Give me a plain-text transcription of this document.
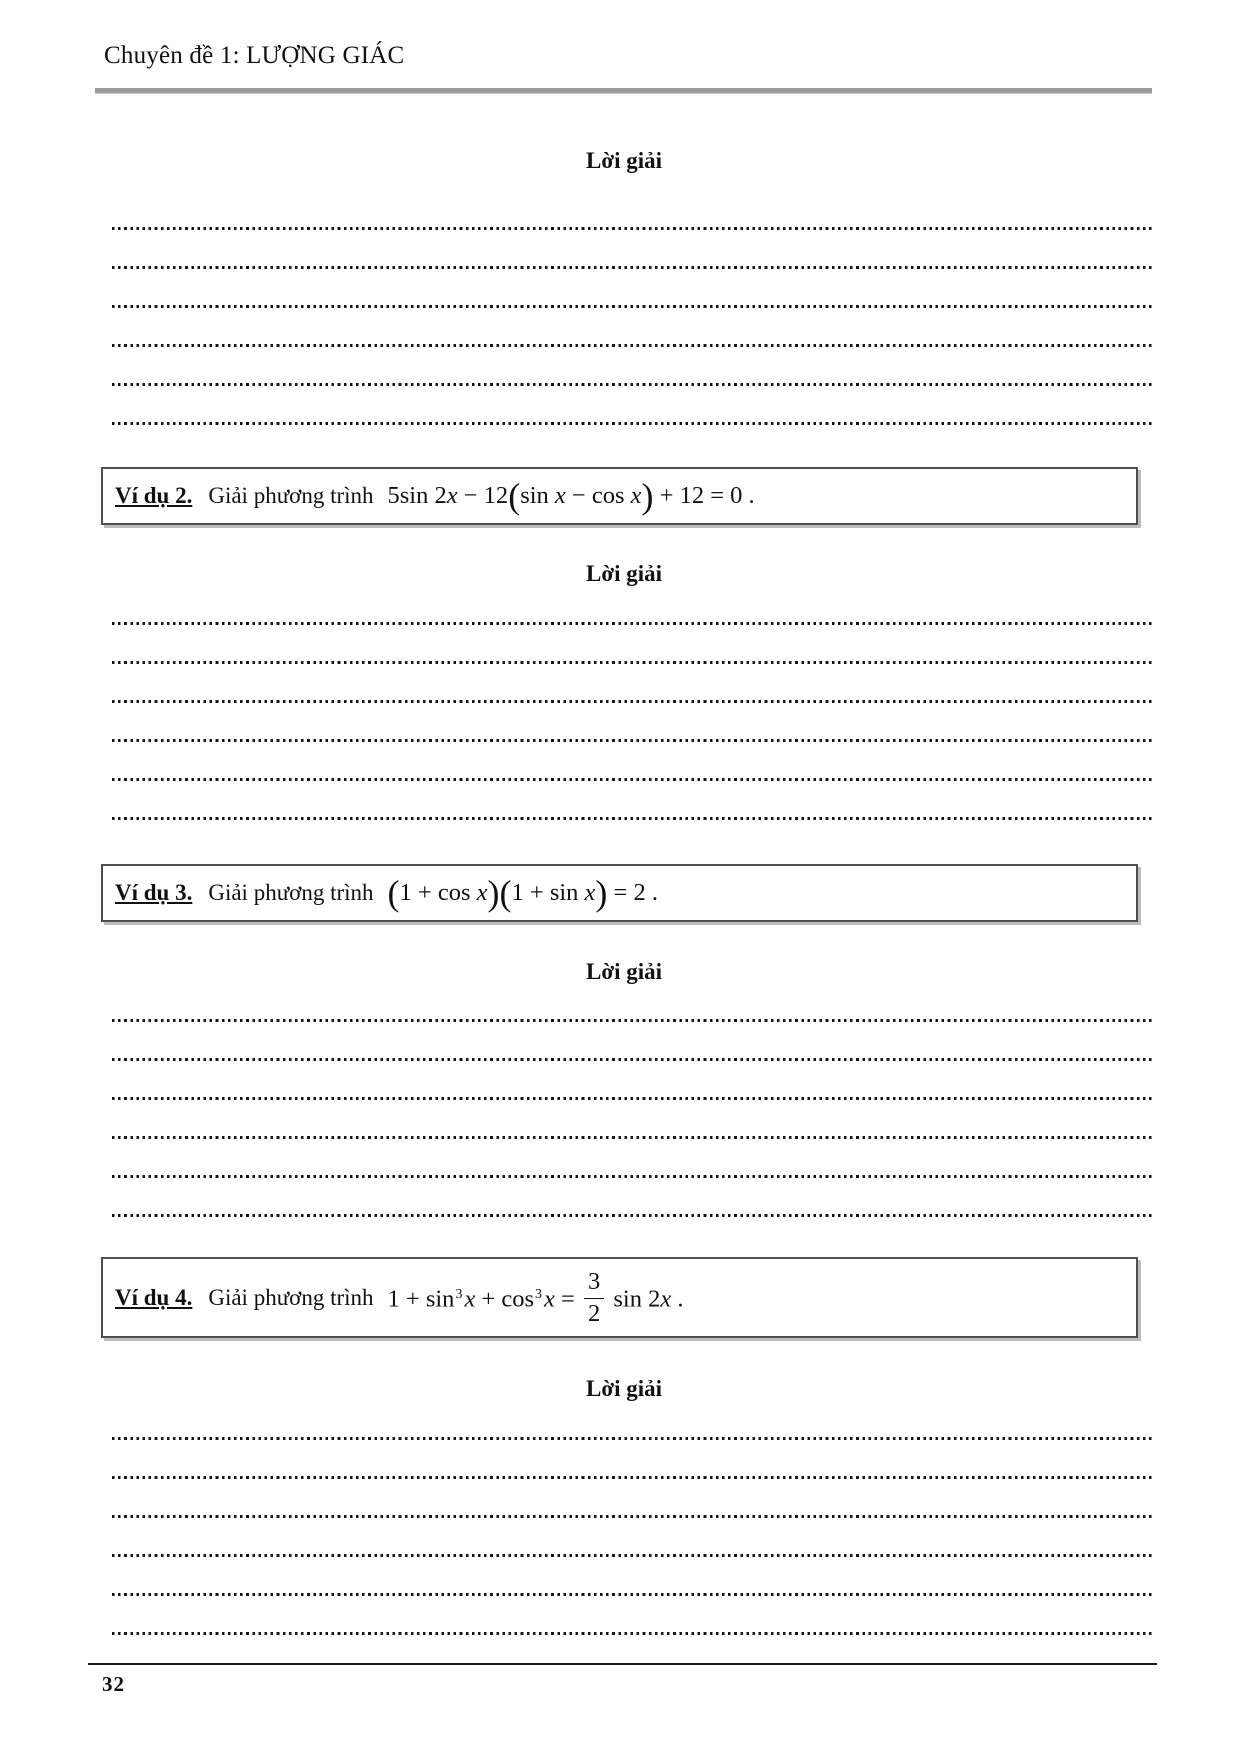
Chuyên đề 1: LƯỢNG GIÁC
Lời giải
Ví dụ 2. Giải phương trình 5sin 2x − 12(sin x − cos x) + 12 = 0 .
Lời giải
Ví dụ 3. Giải phương trình (1 + cos x)(1 + sin x) = 2 .
Lời giải
Ví dụ 4. Giải phương trình $1 + \sin^3x + \cos^3x = \frac{3}{2}$ sin 2x .
Lời giải
32
